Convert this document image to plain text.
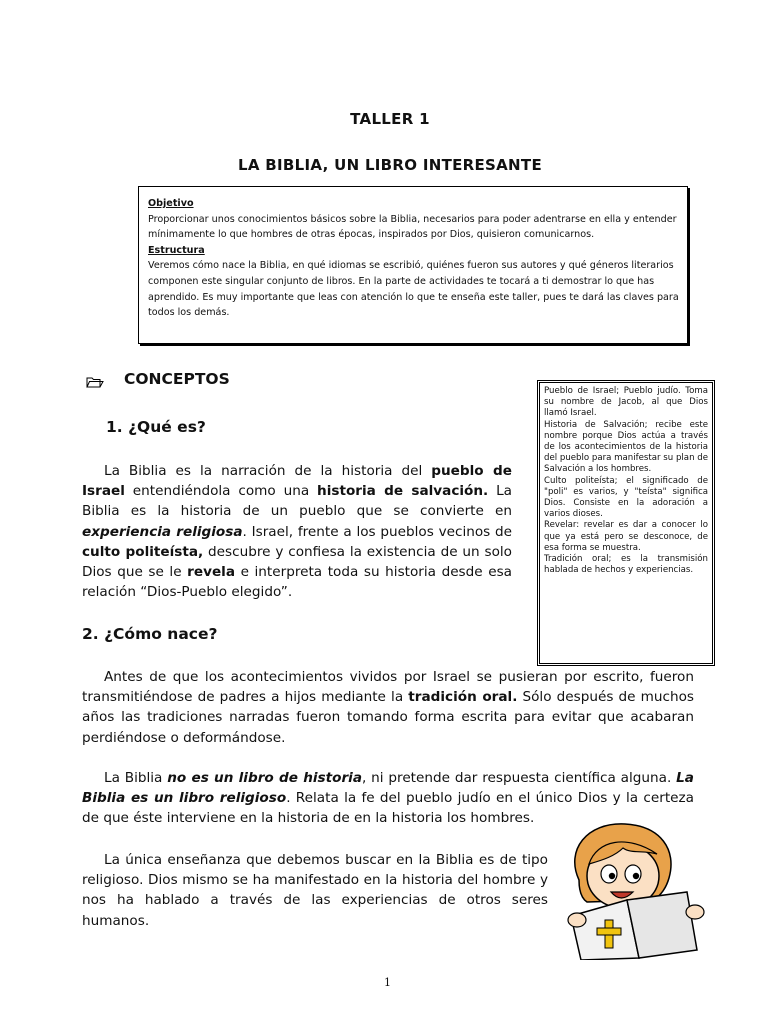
TALLER 1
LA BIBLIA, UN LIBRO INTERESANTE
Objetivo

Proporcionar unos conocimientos básicos sobre la Biblia, necesarios para poder adentrarse en ella y entender mínimamente lo que hombres de otras épocas, inspirados por Dios, quisieron comunicarnos.

Estructura

Veremos cómo nace la Biblia, en qué idiomas se escribió, quiénes fueron sus autores y qué géneros literarios componen este singular conjunto de libros. En la parte de actividades te tocará a ti demostrar lo que has aprendido. Es muy importante que leas con atención lo que te enseña este taller, pues te dará las claves para todos los demás.

CONCEPTOS
1. ¿Qué es?

La Biblia es la narración de la historia del pueblo de Israel entendiéndola como una historia de salvación. La Biblia es la historia de un pueblo que se convierte en experiencia religiosa. Israel, frente a los pueblos vecinos de culto politeísta, descubre y confiesa la existencia de un solo Dios que se le revela e interpreta toda su historia desde esa relación “Dios-Pueblo elegido”.

Pueblo de Israel; Pueblo judío. Toma su nombre de Jacob, al que Dios llamó Israel.
Historia de Salvación; recibe este nombre porque Dios actúa a través de los acontecimientos de la historia del pueblo para manifestar su plan de Salvación a los hombres.
Culto politeísta; el significado de "poli" es varios, y "teísta" significa Dios. Consiste en la adoración a varios dioses.
Revelar: revelar es dar a conocer lo que ya está pero se desconoce, de esa forma se muestra.
Tradición oral; es la transmisión hablada de hechos y experiencias.
2. ¿Cómo nace?

Antes de que los acontecimientos vividos por Israel se pusieran por escrito, fueron transmitiéndose de padres a hijos mediante la tradición oral. Sólo después de muchos años las tradiciones narradas fueron tomando forma escrita para evitar que acabaran perdiéndose o deformándose.

La Biblia no es un libro de historia, ni pretende dar respuesta científica alguna. La Biblia es un libro religioso. Relata la fe del pueblo judío en el único Dios y la certeza de que éste interviene en la historia de en la historia los hombres.

La única enseñanza que debemos buscar en la Biblia es de tipo religioso. Dios mismo se ha manifestado en la historia del hombre y nos ha hablado a través de las experiencias de otros seres humanos.

1
